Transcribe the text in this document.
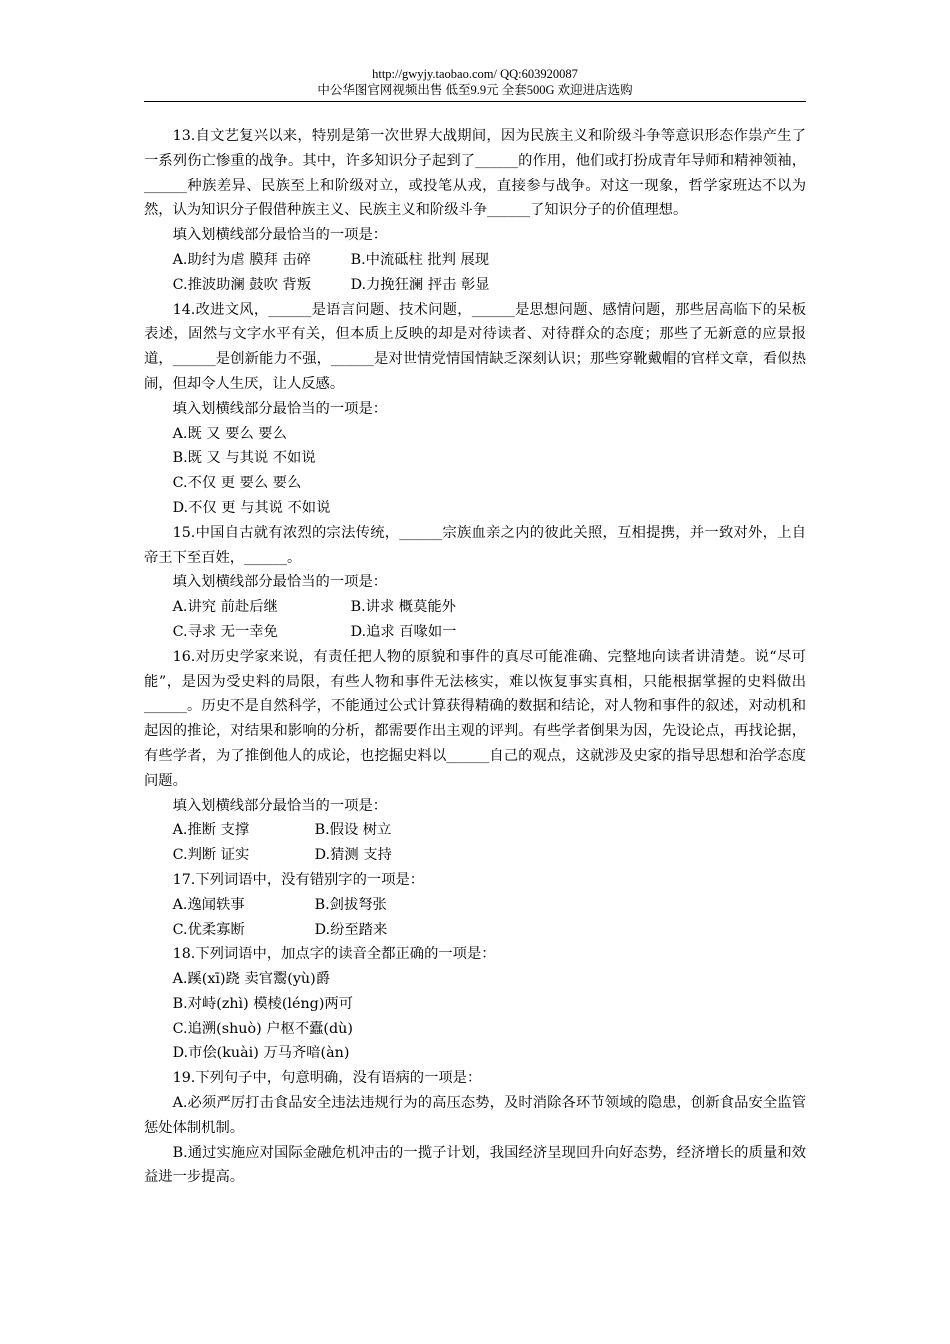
http://gwyjy.taobao.com/ QQ:603920087
中公华图官网视频出售 低至9.9元 全套500G 欢迎进店选购

13.自文艺复兴以来，特别是第一次世界大战期间，因为民族主义和阶级斗争等意识形态作祟产生了一系列伤亡惨重的战争。其中，许多知识分子起到了______的作用，他们或打扮成青年导师和精神领袖，______种族差异、民族至上和阶级对立，或投笔从戎，直接参与战争。对这一现象，哲学家班达不以为然，认为知识分子假借种族主义、民族主义和阶级斗争______了知识分子的价值理想。

填入划横线部分最恰当的一项是：

A.助纣为虐 膜拜 击碎	B.中流砥柱 批判 展现
C.推波助澜 鼓吹 背叛	D.力挽狂澜 抨击 彰显

14.改进文风，______是语言问题、技术问题，______是思想问题、感情问题，那些居高临下的呆板表述，固然与文字水平有关，但本质上反映的却是对待读者、对待群众的态度；那些了无新意的应景报道，______是创新能力不强，______是对世情党情国情缺乏深刻认识；那些穿靴戴帽的官样文章，看似热闹，但却令人生厌，让人反感。

填入划横线部分最恰当的一项是：

A.既 又 要么 要么

B.既 又 与其说 不如说

C.不仅 更 要么 要么

D.不仅 更 与其说 不如说

15.中国自古就有浓烈的宗法传统，______宗族血亲之内的彼此关照，互相提携，并一致对外，上自帝王下至百姓，______。

填入划横线部分最恰当的一项是：

A.讲究 前赴后继	B.讲求 概莫能外
C.寻求 无一幸免	D.追求 百喙如一

16.对历史学家来说，有责任把人物的原貌和事件的真尽可能准确、完整地向读者讲清楚。说“尽可能”，是因为受史料的局限，有些人物和事件无法核实，难以恢复事实真相，只能根据掌握的史料做出______。历史不是自然科学，不能通过公式计算获得精确的数据和结论，对人物和事件的叙述，对动机和起因的推论，对结果和影响的分析，都需要作出主观的评判。有些学者倒果为因，先设论点，再找论据，有些学者，为了推倒他人的成论，也挖掘史料以______自己的观点，这就涉及史家的指导思想和治学态度问题。

填入划横线部分最恰当的一项是：

A.推断 支撑	B.假设 树立
C.判断 证实	D.猜测 支持

17.下列词语中，没有错别字的一项是：

A.逸闻轶事	B.剑拔弩张
C.优柔寡断	D.纷至踏来

18.下列词语中，加点字的读音全都正确的一项是：

A.蹊(xī)跷 卖官鬻(yù)爵

B.对峙(zhì) 模棱(léng)两可

C.追溯(shuò) 户枢不蠹(dù)

D.市侩(kuài) 万马齐喑(àn)

19.下列句子中，句意明确，没有语病的一项是：

A.必须严厉打击食品安全违法违规行为的高压态势，及时消除各环节领域的隐患，创新食品安全监管惩处体制机制。

B.通过实施应对国际金融危机冲击的一揽子计划，我国经济呈现回升向好态势，经济增长的质量和效益进一步提高。
